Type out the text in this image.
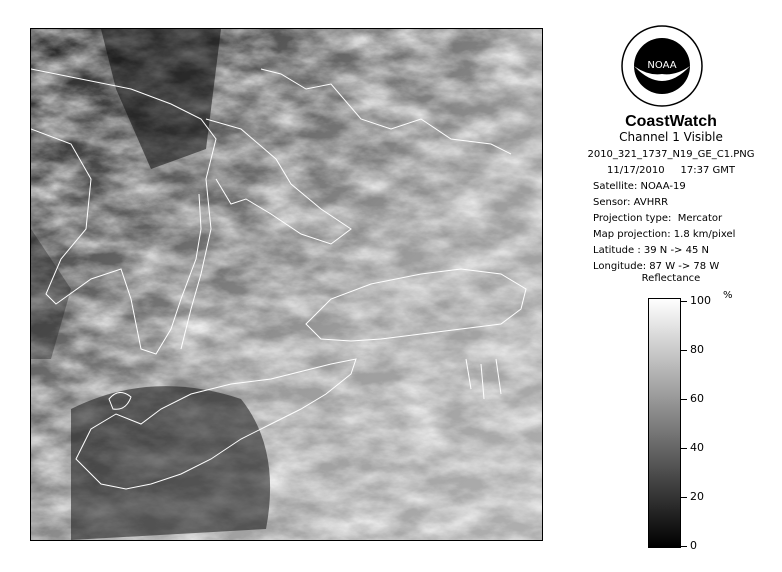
NOAA
CoastWatch
Channel 1 Visible
2010_321_1737_N19_GE_C1.PNG
11/17/2010     17:37 GMT
Satellite: NOAA-19
Sensor: AVHRR
Projection type:  Mercator
Map projection: 1.8 km/pixel
Latitude : 39 N -> 45 N
Longitude: 87 W -> 78 W
Reflectance
%
100
80
60
40
20
0
